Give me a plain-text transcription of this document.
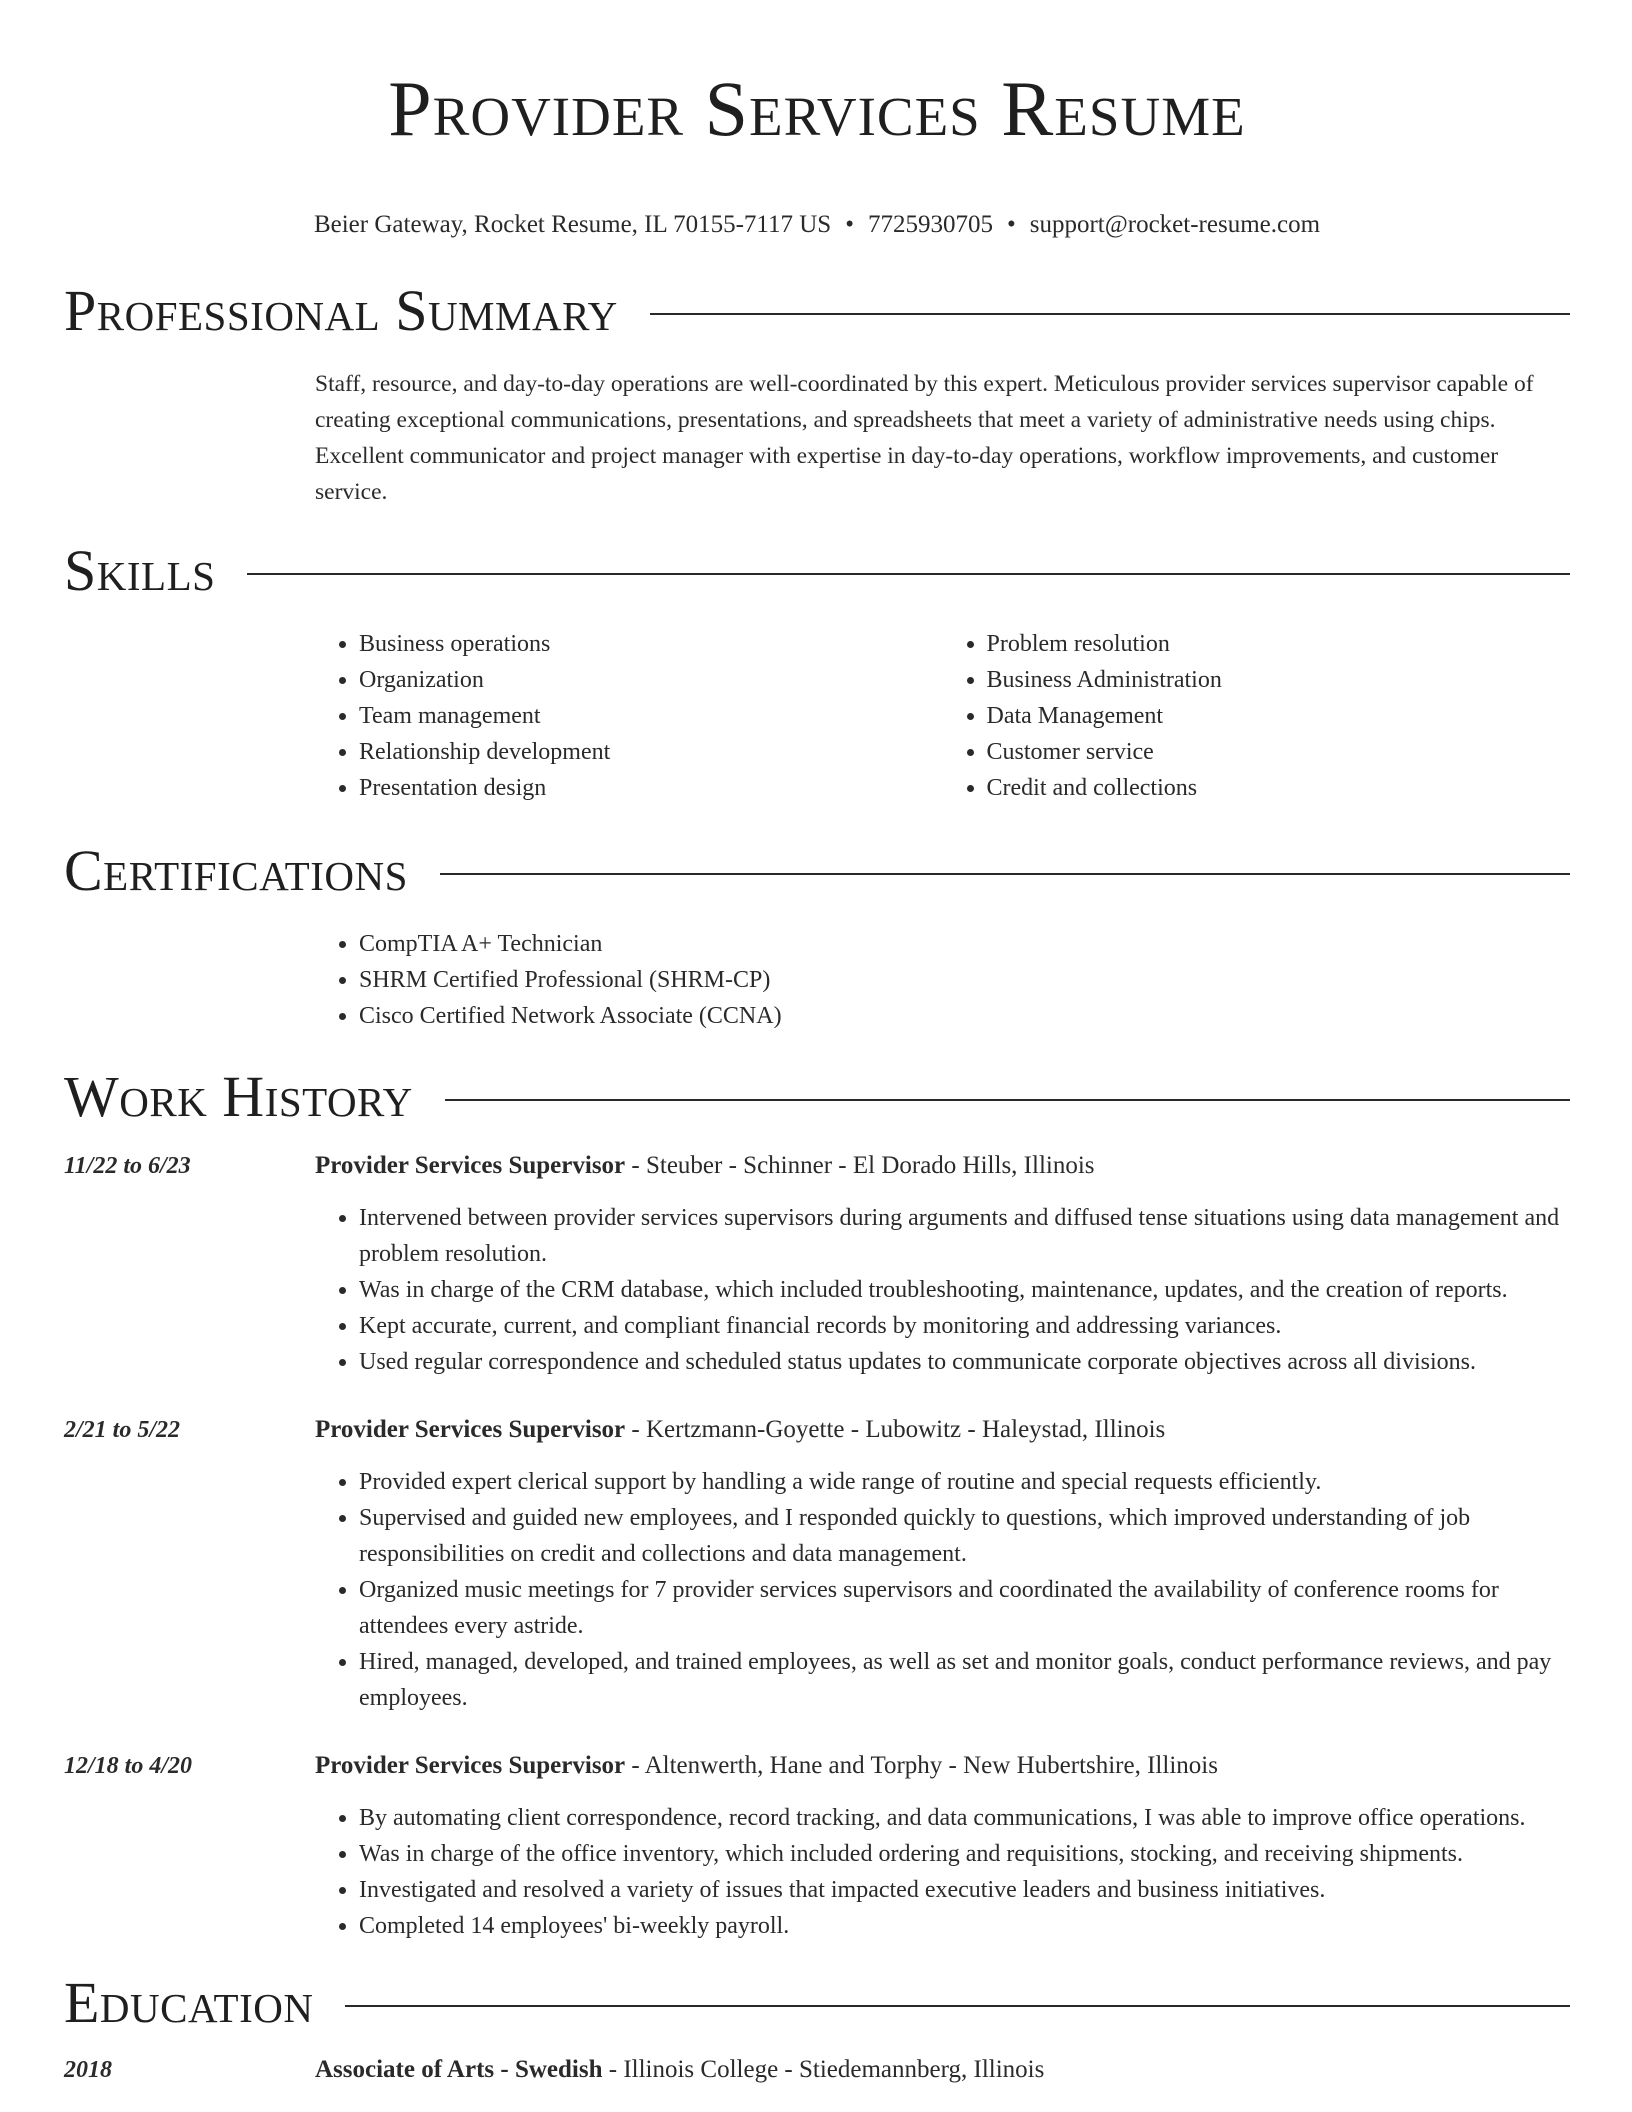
Provider Services Resume
Beier Gateway, Rocket Resume, IL 70155-7117 US • 7725930705 • support@rocket-resume.com
Professional Summary
Staff, resource, and day-to-day operations are well-coordinated by this expert. Meticulous provider services supervisor capable of creating exceptional communications, presentations, and spreadsheets that meet a variety of administrative needs using chips. Excellent communicator and project manager with expertise in day-to-day operations, workflow improvements, and customer service.
Skills
• Business operations
• Organization
• Team management
• Relationship development
• Presentation design
• Problem resolution
• Business Administration
• Data Management
• Customer service
• Credit and collections
Certifications
• CompTIA A+ Technician
• SHRM Certified Professional (SHRM-CP)
• Cisco Certified Network Associate (CCNA)
Work History
11/22 to 6/23	Provider Services Supervisor - Steuber - Schinner - El Dorado Hills, Illinois
• Intervened between provider services supervisors during arguments and diffused tense situations using data management and problem resolution.
• Was in charge of the CRM database, which included troubleshooting, maintenance, updates, and the creation of reports.
• Kept accurate, current, and compliant financial records by monitoring and addressing variances.
• Used regular correspondence and scheduled status updates to communicate corporate objectives across all divisions.
2/21 to 5/22	Provider Services Supervisor - Kertzmann-Goyette - Lubowitz - Haleystad, Illinois
• Provided expert clerical support by handling a wide range of routine and special requests efficiently.
• Supervised and guided new employees, and I responded quickly to questions, which improved understanding of job responsibilities on credit and collections and data management.
• Organized music meetings for 7 provider services supervisors and coordinated the availability of conference rooms for attendees every astride.
• Hired, managed, developed, and trained employees, as well as set and monitor goals, conduct performance reviews, and pay employees.
12/18 to 4/20	Provider Services Supervisor - Altenwerth, Hane and Torphy - New Hubertshire, Illinois
• By automating client correspondence, record tracking, and data communications, I was able to improve office operations.
• Was in charge of the office inventory, which included ordering and requisitions, stocking, and receiving shipments.
• Investigated and resolved a variety of issues that impacted executive leaders and business initiatives.
• Completed 14 employees' bi-weekly payroll.
Education
2018	Associate of Arts - Swedish - Illinois College - Stiedemannberg, Illinois
